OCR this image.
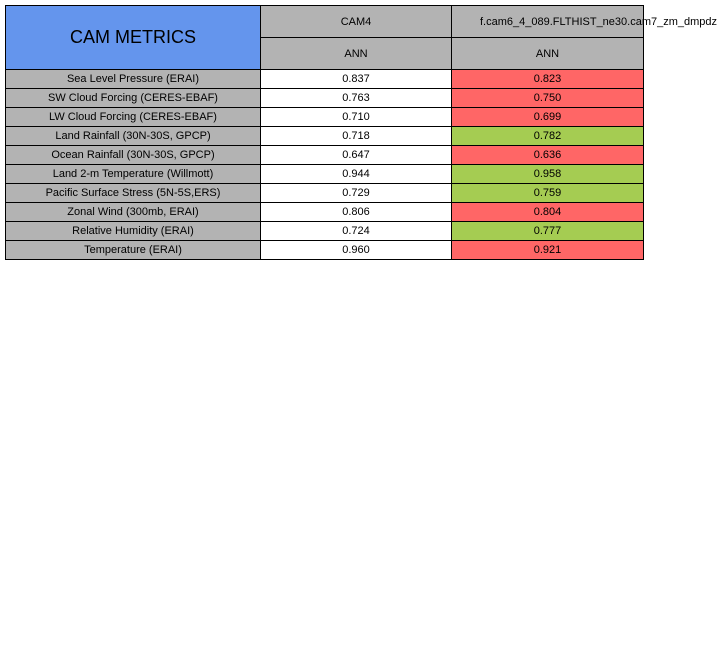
CAM METRICS	CAM4	f.cam6_4_089.FLTHIST_ne30.cam7_zm_dmpdz

	ANN	ANN
Sea Level Pressure (ERAI)	0.837	0.823
SW Cloud Forcing (CERES-EBAF)	0.763	0.750
LW Cloud Forcing (CERES-EBAF)	0.710	0.699
Land Rainfall (30N-30S, GPCP)	0.718	0.782
Ocean Rainfall (30N-30S, GPCP)	0.647	0.636
Land 2-m Temperature (Willmott)	0.944	0.958
Pacific Surface Stress (5N-5S,ERS)	0.729	0.759
Zonal Wind (300mb, ERAI)	0.806	0.804
Relative Humidity (ERAI)	0.724	0.777
Temperature (ERAI)	0.960	0.921
